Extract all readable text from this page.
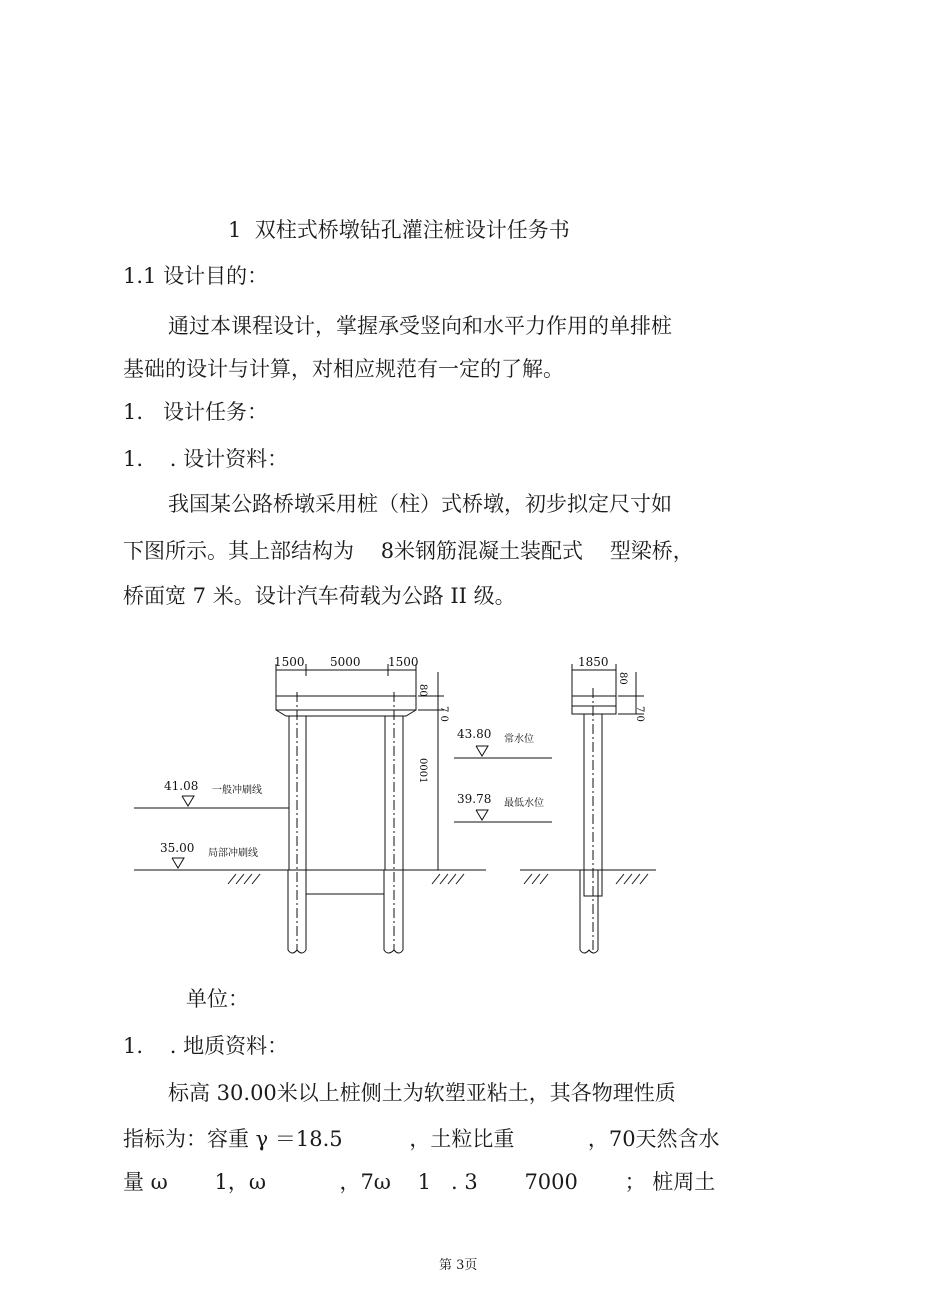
1  双柱式桥墩钻孔灌注桩设计任务书
1.1 设计目的：
通过本课程设计，掌握承受竖向和水平力作用的单排桩
基础的设计与计算，对相应规范有一定的了解。
1.   设计任务：
1.    . 设计资料：
我国某公路桥墩采用桩（柱）式桥墩，初步拟定尺寸如
下图所示。其上部结构为    8米钢筋混凝土装配式    型梁桥，
桥面宽 7 米。设计汽车荷载为公路 II 级。
1500 5000 1500	1850
41.08
35.00
43.80
39.78
80
7 0
0001
80
7 0
一般冲刷线
局部冲刷线
常水位
最低水位
单位：
1.    . 地质资料：
标高 30.00米以上桩侧土为软塑亚粘土，其各物理性质
指标为：容重 γ ＝18.5          ，土粒比重           ，70天然含水
量 ω       1，ω           ，7ω    1   . 3       7000       ； 桩周土
第 3页
